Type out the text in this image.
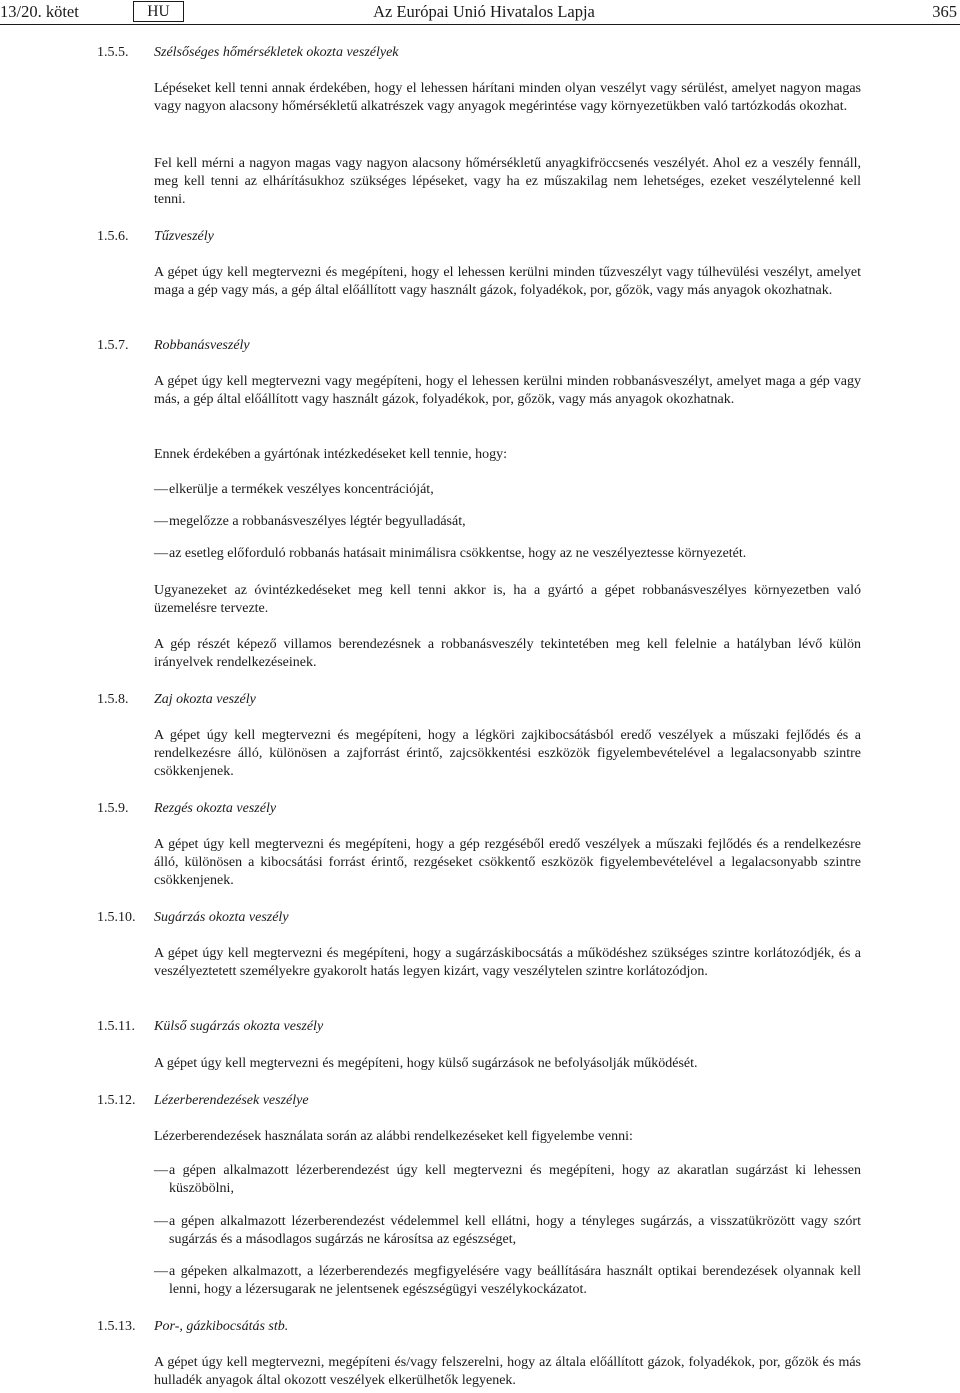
13/20. kötet	HU	Az Európai Unió Hivatalos Lapja	365
1.5.5. Szélsőséges hőmérsékletek okozta veszélyek
Lépéseket kell tenni annak érdekében, hogy el lehessen hárítani minden olyan veszélyt vagy sérülést, amelyet nagyon magas vagy nagyon alacsony hőmérsékletű alkatrészek vagy anyagok megérintése vagy környezetükben való tartózkodás okozhat.
Fel kell mérni a nagyon magas vagy nagyon alacsony hőmérsékletű anyagkifröccsenés veszélyét. Ahol ez a veszély fennáll, meg kell tenni az elhárításukhoz szükséges lépéseket, vagy ha ez műszakilag nem lehetséges, ezeket veszélytelenné kell tenni.
1.5.6. Tűzveszély
A gépet úgy kell megtervezni és megépíteni, hogy el lehessen kerülni minden tűzveszélyt vagy túlhevülési veszélyt, amelyet maga a gép vagy más, a gép által előállított vagy használt gázok, folyadékok, por, gőzök, vagy más anyagok okozhatnak.
1.5.7. Robbanásveszély
A gépet úgy kell megtervezni vagy megépíteni, hogy el lehessen kerülni minden robbanásveszélyt, amelyet maga a gép vagy más, a gép által előállított vagy használt gázok, folyadékok, por, gőzök, vagy más anyagok okozhatnak.
Ennek érdekében a gyártónak intézkedéseket kell tennie, hogy:
— elkerülje a termékek veszélyes koncentrációját,
— megelőzze a robbanásveszélyes légtér begyulladását,
— az esetleg előforduló robbanás hatásait minimálisra csökkentse, hogy az ne veszélyeztesse környezetét.
Ugyanezeket az óvintézkedéseket meg kell tenni akkor is, ha a gyártó a gépet robbanásveszélyes környezetben való üzemelésre tervezte.
A gép részét képező villamos berendezésnek a robbanásveszély tekintetében meg kell felelnie a hatályban lévő külön irányelvek rendelkezéseinek.
1.5.8. Zaj okozta veszély
A gépet úgy kell megtervezni és megépíteni, hogy a légköri zajkibocsátásból eredő veszélyek a műszaki fejlődés és a rendelkezésre álló, különösen a zajforrást érintő, zajcsökkentési eszközök figyelembevételével a legalacsonyabb szintre csökkenjenek.
1.5.9. Rezgés okozta veszély
A gépet úgy kell megtervezni és megépíteni, hogy a gép rezgéséből eredő veszélyek a műszaki fejlődés és a rendelkezésre álló, különösen a kibocsátási forrást érintő, rezgéseket csökkentő eszközök figyelembevételével a legalacsonyabb szintre csökkenjenek.
1.5.10. Sugárzás okozta veszély
A gépet úgy kell megtervezni és megépíteni, hogy a sugárzáskibocsátás a működéshez szükséges szintre korlátozódjék, és a veszélyeztetett személyekre gyakorolt hatás legyen kizárt, vagy veszélytelen szintre korlátozódjon.
1.5.11. Külső sugárzás okozta veszély
A gépet úgy kell megtervezni és megépíteni, hogy külső sugárzások ne befolyásolják működését.
1.5.12. Lézerberendezések veszélye
Lézerberendezések használata során az alábbi rendelkezéseket kell figyelembe venni:
— a gépen alkalmazott lézerberendezést úgy kell megtervezni és megépíteni, hogy az akaratlan sugárzást ki lehessen küszöbölni,
— a gépen alkalmazott lézerberendezést védelemmel kell ellátni, hogy a tényleges sugárzás, a visszatükrözött vagy szórt sugárzás és a másodlagos sugárzás ne károsítsa az egészséget,
— a gépeken alkalmazott, a lézerberendezés megfigyelésére vagy beállítására használt optikai berendezések olyannak kell lenni, hogy a lézersugarak ne jelentsenek egészségügyi veszélykockázatot.
1.5.13. Por-, gázkibocsátás stb.
A gépet úgy kell megtervezni, megépíteni és/vagy felszerelni, hogy az általa előállított gázok, folyadékok, por, gőzök és más hulladék anyagok által okozott veszélyek elkerülhetők legyenek.
